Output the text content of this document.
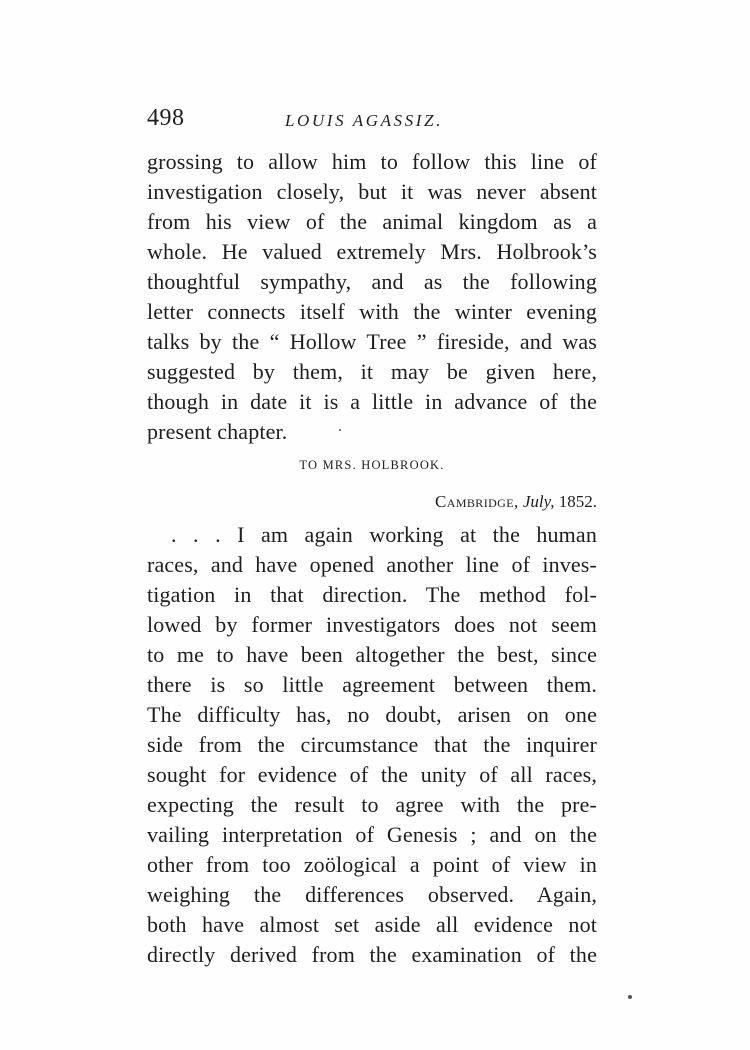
498	LOUIS AGASSIZ.
grossing to allow him to follow this line of
investigation closely, but it was never absent
from his view of the animal kingdom as a
whole. He valued extremely Mrs. Holbrook’s
thoughtful sympathy, and as the following
letter connects itself with the winter evening
talks by the “ Hollow Tree ” fireside, and was
suggested by them, it may be given here,
though in date it is a little in advance of the
present chapter.
TO MRS. HOLBROOK.
Cambridge, July, 1852.
. . . I am again working at the human
races, and have opened another line of inves-
tigation in that direction. The method fol-
lowed by former investigators does not seem
to me to have been altogether the best, since
there is so little agreement between them.
The difficulty has, no doubt, arisen on one
side from the circumstance that the inquirer
sought for evidence of the unity of all races,
expecting the result to agree with the pre-
vailing interpretation of Genesis ; and on the
other from too zoölogical a point of view in
weighing the differences observed. Again,
both have almost set aside all evidence not
directly derived from the examination of the
